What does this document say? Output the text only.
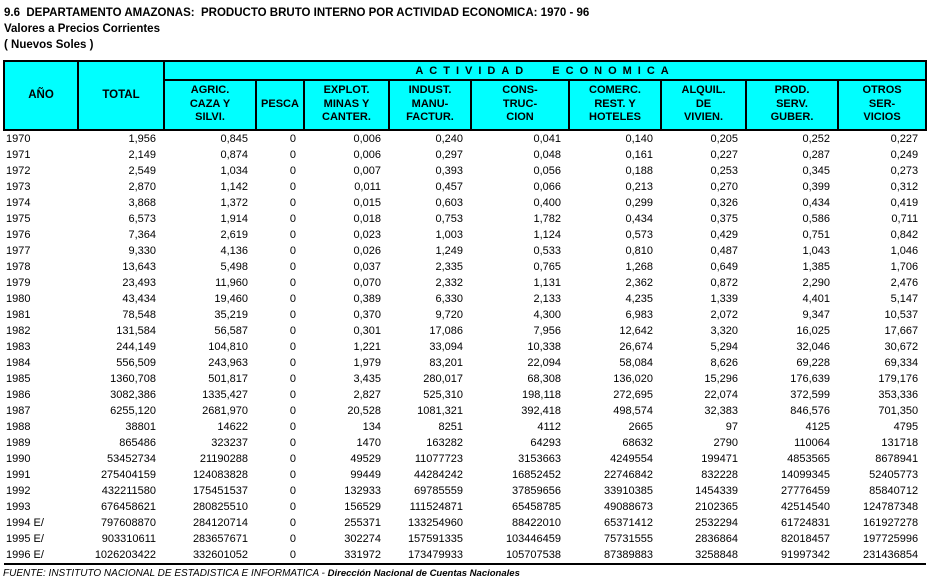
9.6  DEPARTAMENTO AMAZONAS:  PRODUCTO BRUTO INTERNO POR ACTIVIDAD ECONOMICA: 1970 - 96
Valores a Precios Corrientes
( Nuevos Soles )
AÑO	TOTAL	ACTIVIDAD ECONOMICA								

AGRIC.
CAZA Y
SILVI.

PESCA

EXPLOT.
MINAS Y
CANTER.

INDUST.
MANU-
FACTUR.

CONS-
TRUC-
CION

COMERC.
REST. Y
HOTELES

ALQUIL.
DE
VIVIEN.

PROD.
SERV.
GUBER.

OTROS
SER-
VICIOS

1970	1,956	0,845	0	0,006	0,240	0,041	0,140	0,205	0,252	0,227
1971	2,149	0,874	0	0,006	0,297	0,048	0,161	0,227	0,287	0,249
1972	2,549	1,034	0	0,007	0,393	0,056	0,188	0,253	0,345	0,273
1973	2,870	1,142	0	0,011	0,457	0,066	0,213	0,270	0,399	0,312
1974	3,868	1,372	0	0,015	0,603	0,400	0,299	0,326	0,434	0,419
1975	6,573	1,914	0	0,018	0,753	1,782	0,434	0,375	0,586	0,711
1976	7,364	2,619	0	0,023	1,003	1,124	0,573	0,429	0,751	0,842
1977	9,330	4,136	0	0,026	1,249	0,533	0,810	0,487	1,043	1,046
1978	13,643	5,498	0	0,037	2,335	0,765	1,268	0,649	1,385	1,706
1979	23,493	11,960	0	0,070	2,332	1,131	2,362	0,872	2,290	2,476
1980	43,434	19,460	0	0,389	6,330	2,133	4,235	1,339	4,401	5,147
1981	78,548	35,219	0	0,370	9,720	4,300	6,983	2,072	9,347	10,537
1982	131,584	56,587	0	0,301	17,086	7,956	12,642	3,320	16,025	17,667
1983	244,149	104,810	0	1,221	33,094	10,338	26,674	5,294	32,046	30,672
1984	556,509	243,963	0	1,979	83,201	22,094	58,084	8,626	69,228	69,334
1985	1360,708	501,817	0	3,435	280,017	68,308	136,020	15,296	176,639	179,176
1986	3082,386	1335,427	0	2,827	525,310	198,118	272,695	22,074	372,599	353,336
1987	6255,120	2681,970	0	20,528	1081,321	392,418	498,574	32,383	846,576	701,350
1988	38801	14622	0	134	8251	4112	2665	97	4125	4795
1989	865486	323237	0	1470	163282	64293	68632	2790	110064	131718
1990	53452734	21190288	0	49529	11077723	3153663	4249554	199471	4853565	8678941
1991	275404159	124083828	0	99449	44284242	16852452	22746842	832228	14099345	52405773
1992	432211580	175451537	0	132933	69785559	37859656	33910385	1454339	27776459	85840712
1993	676458621	280825510	0	156529	111524871	65458785	49088673	2102365	42514540	124787348
1994 E/	797608870	284120714	0	255371	133254960	88422010	65371412	2532294	61724831	161927278
1995 E/	903310611	283657671	0	302274	157591335	103446459	75731555	2836864	82018457	197725996
1996 E/	1026203422	332601052	0	331972	173479933	105707538	87389883	3258848	91997342	231436854
FUENTE: INSTITUTO NACIONAL DE ESTADISTICA E INFORMATICA - Dirección Nacional de Cuentas Nacionales
